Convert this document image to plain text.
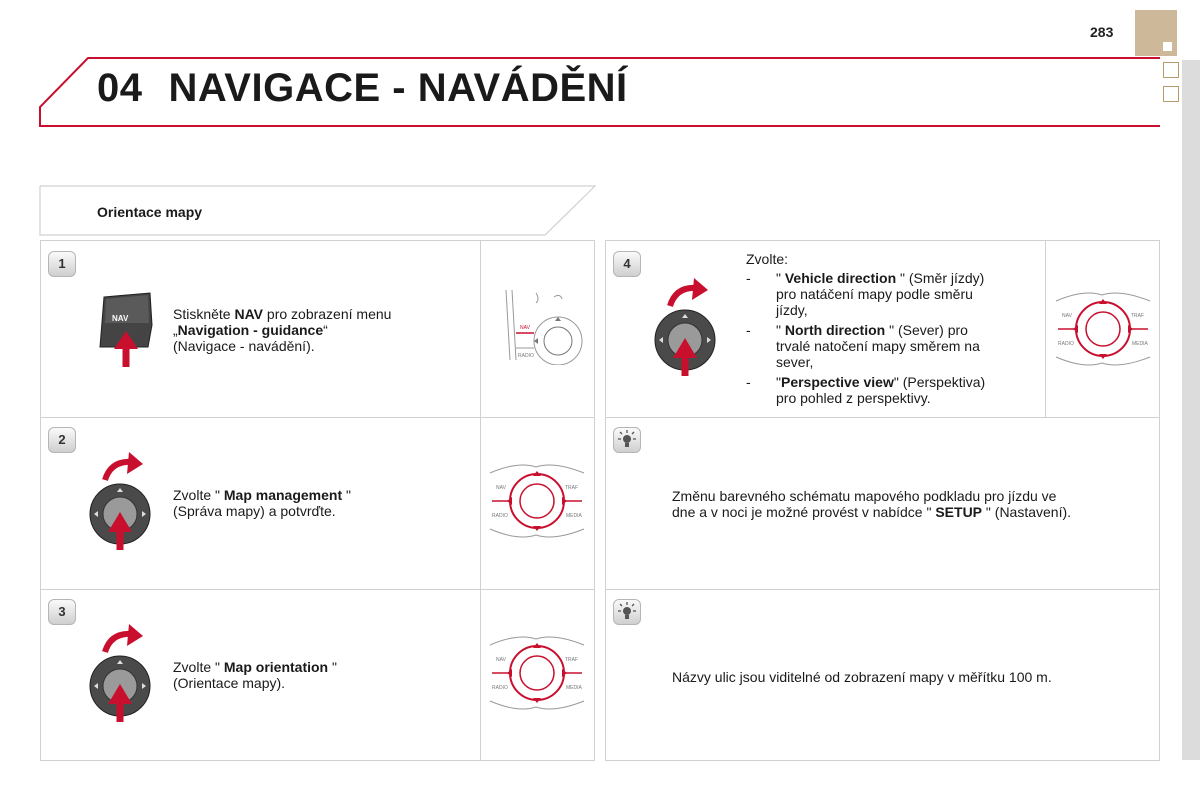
283
04 NAVIGACE - NAVÁDĚNÍ
Orientace mapy
1
NAV	Stiskněte NAV pro zobrazení menu
„Navigation - guidance“
(Navigace - navádění).
NAV
RADIO
2
Zvolte " Map management "
(Správa mapy) a potvrďte.
NAV	TRAF
RADIO	MEDIA
3
Zvolte " Map orientation "
(Orientace mapy).
NAV	TRAF
RADIO	MEDIA
4	Zvolte:
-	" Vehicle direction " (Směr jízdy)
pro natáčení mapy podle směru
jízdy,
-	" North direction " (Sever) pro
trvalé natočení mapy směrem na
sever,
-	"Perspective view" (Perspektiva)
pro pohled z perspektivy.
NAV	TRAF
RADIO	MEDIA
Změnu barevného schématu mapového podkladu pro jízdu ve
dne a v noci je možné provést v nabídce " SETUP " (Nastavení).
Názvy ulic jsou viditelné od zobrazení mapy v měřítku 100 m.
